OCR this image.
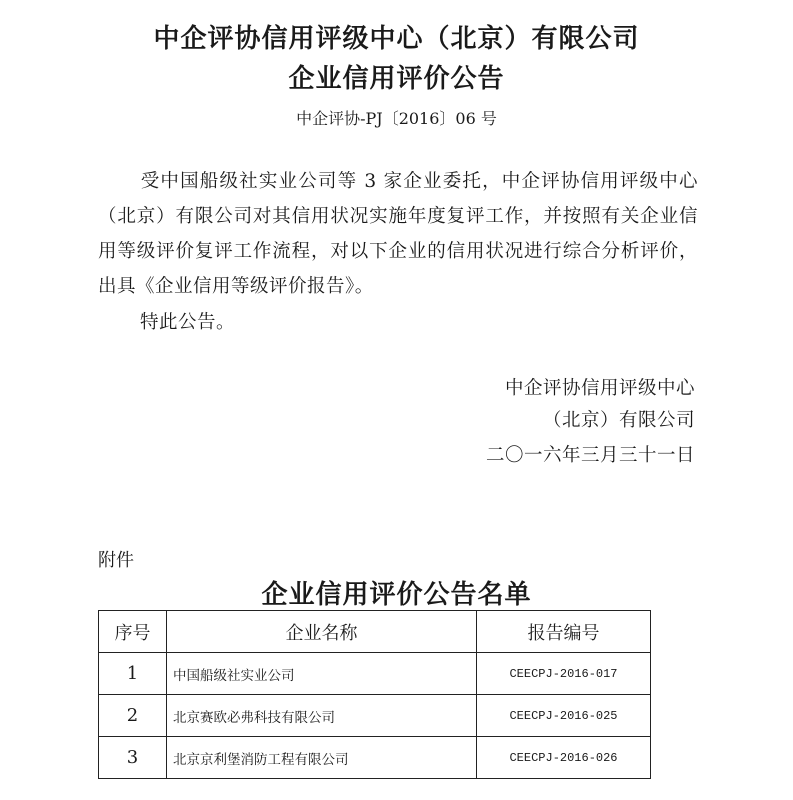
中企评协信用评级中心（北京）有限公司
企业信用评价公告
中企评协-PJ〔2016〕06 号
受中国船级社实业公司等 3 家企业委托，中企评协信用评级中心（北京）有限公司对其信用状况实施年度复评工作，并按照有关企业信用等级评价复评工作流程，对以下企业的信用状况进行综合分析评价，出具《企业信用等级评价报告》。
特此公告。
中企评协信用评级中心
（北京）有限公司
二〇一六年三月三十一日
附件
企业信用评价公告名单
序号	企业名称	报告编号
1	中国船级社实业公司	CEECPJ-2016-017
2	北京赛欧必弗科技有限公司	CEECPJ-2016-025
3	北京京利堡消防工程有限公司	CEECPJ-2016-026
